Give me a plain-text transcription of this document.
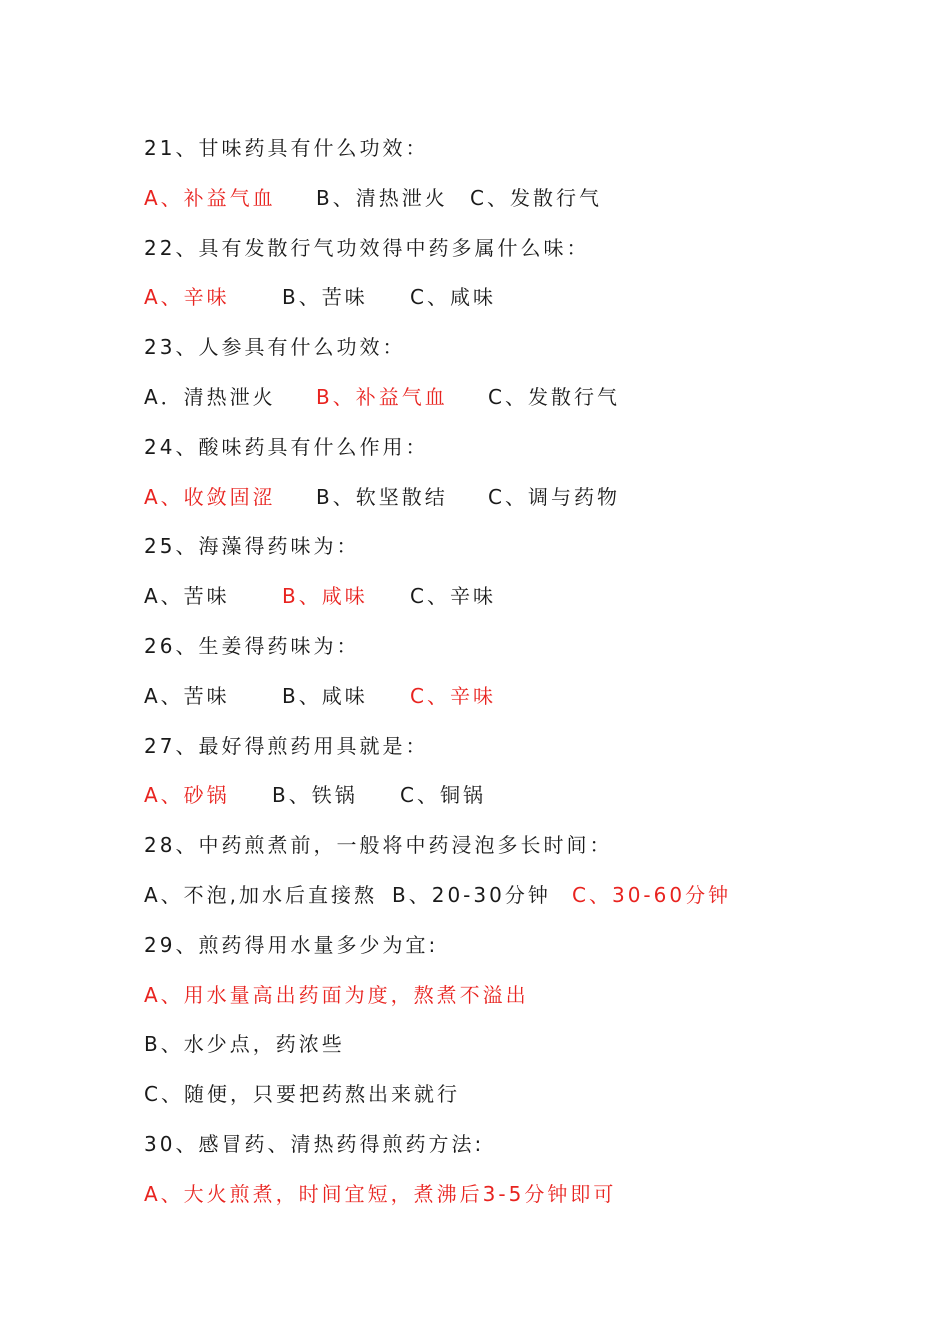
21、甘味药具有什么功效：
A、补益气血 B、清热泄火 C、发散行气
22、具有发散行气功效得中药多属什么味：
A、辛味	B、苦味 C、咸味
23、人参具有什么功效：
A．清热泄火 B、补益气血 C、发散行气
24、酸味药具有什么作用：
A、收敛固涩 B、软坚散结 C、调与药物
25、海藻得药味为：
A、苦味	B、咸味 C、辛味
26、生姜得药味为：
A、苦味	B、咸味 C、辛味
27、最好得煎药用具就是：
A、砂锅 B、铁锅 C、铜锅
28、中药煎煮前，一般将中药浸泡多长时间：
A、不泡,加水后直接熬 B、20-30分钟 C、30-60分钟
29、煎药得用水量多少为宜:
A、用水量高出药面为度，熬煮不溢出
B、水少点，药浓些
C、随便，只要把药熬出来就行
30、感冒药、清热药得煎药方法:
A、大火煎煮，时间宜短，煮沸后3-5分钟即可
